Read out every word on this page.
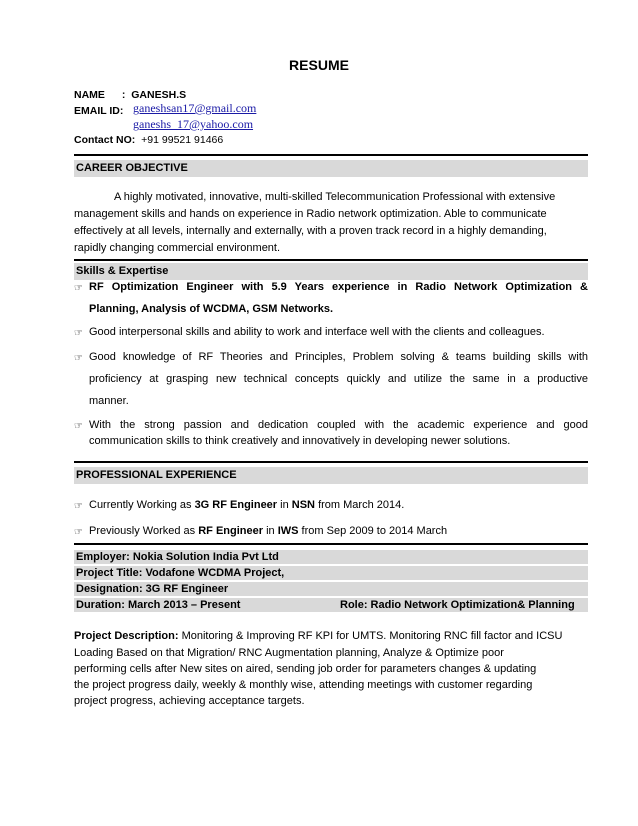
RESUME
NAME : GANESH.S
EMAIL ID: ganeshsan17@gmail.com
ganeshs_17@yahoo.com
Contact NO: +91 99521 91466
CAREER OBJECTIVE
A highly motivated, innovative, multi-skilled Telecommunication Professional with extensive
management skills and hands on experience in Radio network optimization. Able to communicate
effectively at all levels, internally and externally, with a proven track record in a highly demanding,
rapidly changing commercial environment.
Skills & Expertise
☞ RF Optimization Engineer with 5.9 Years experience in Radio Network Optimization &
Planning, Analysis of WCDMA, GSM Networks.
☞ Good interpersonal skills and ability to work and interface well with the clients and colleagues.
☞ Good knowledge of RF Theories and Principles, Problem solving & teams building skills with
proficiency at grasping new technical concepts quickly and utilize the same in a productive
manner.
☞ With the strong passion and dedication coupled with the academic experience and good
communication skills to think creatively and innovatively in developing newer solutions.
PROFESSIONAL EXPERIENCE
☞ Currently Working as 3G RF Engineer in NSN from March 2014.
☞ Previously Worked as RF Engineer in IWS from Sep 2009 to 2014 March
Employer: Nokia Solution India Pvt Ltd
Project Title: Vodafone WCDMA Project,
Designation: 3G RF Engineer
Duration: March 2013 – Present	Role: Radio Network Optimization& Planning
Project Description: Monitoring & Improving RF KPI for UMTS. Monitoring RNC fill factor and ICSU
Loading Based on that Migration/ RNC Augmentation planning, Analyze & Optimize poor
performing cells after New sites on aired, sending job order for parameters changes & updating
the project progress daily, weekly & monthly wise, attending meetings with customer regarding
project progress, achieving acceptance targets.
